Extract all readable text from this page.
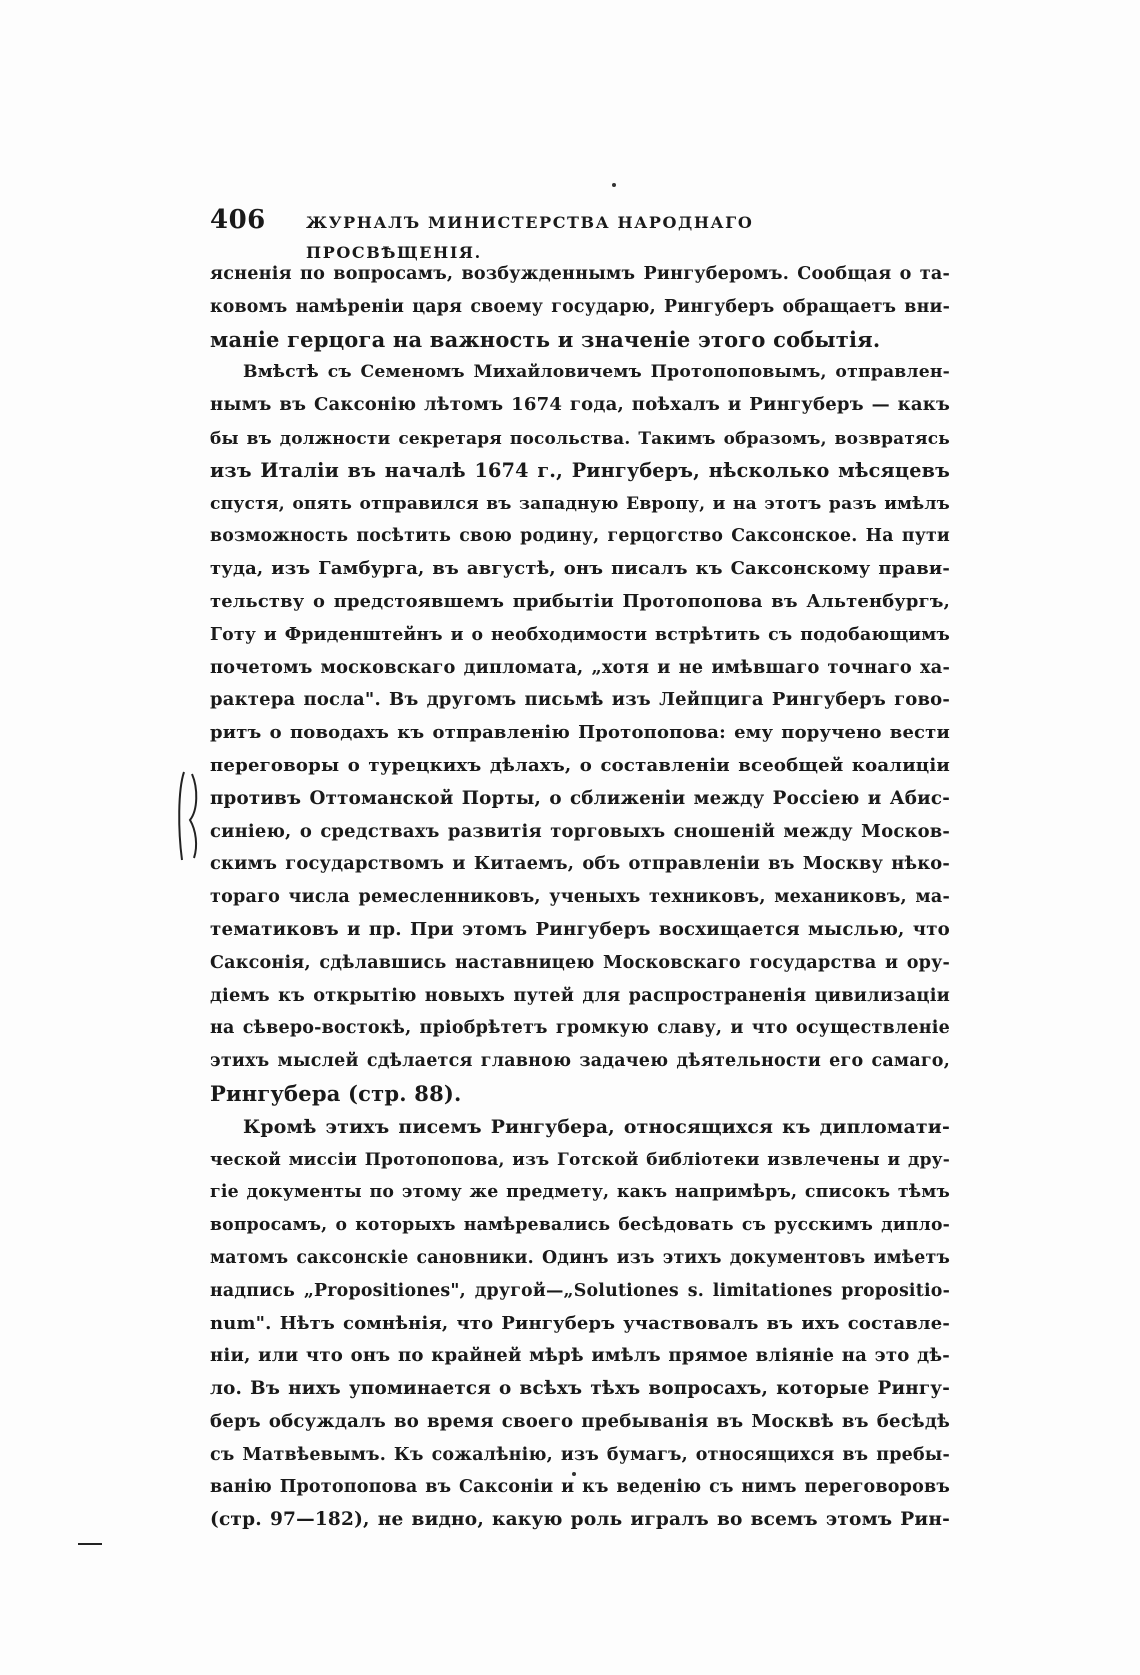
406	ЖУРНАЛЪ МИНИСТЕРСТВА НАРОДНАГО ПРОСВѢЩЕНІЯ.
ясненія по вопросамъ, возбужденнымъ Рингуберомъ. Сообщая о та-
ковомъ намѣреніи царя своему государю, Рингуберъ обращаетъ вни-
маніе герцога на важность и значеніе этого событія.
Вмѣстѣ съ Семеномъ Михайловичемъ Протопоповымъ, отправлен-
нымъ въ Саксонію лѣтомъ 1674 года, поѣхалъ и Рингуберъ — какъ
бы въ должности секретаря посольства. Такимъ образомъ, возвратясь
изъ Италіи въ началѣ 1674 г., Рингуберъ, нѣсколько мѣсяцевъ
спустя, опять отправился въ западную Европу, и на этотъ разъ имѣлъ
возможность посѣтить свою родину, герцогство Саксонское. На пути
туда, изъ Гамбурга, въ августѣ, онъ писалъ къ Саксонскому прави-
тельству о предстоявшемъ прибытіи Протопопова въ Альтенбургъ,
Готу и Фриденштейнъ и о необходимости встрѣтить съ подобающимъ
почетомъ московскаго дипломата, „хотя и не имѣвшаго точнаго ха-
рактера посла". Въ другомъ письмѣ изъ Лейпцига Рингуберъ гово-
ритъ о поводахъ къ отправленію Протопопова: ему поручено вести
переговоры о турецкихъ дѣлахъ, о составленіи всеобщей коалиціи
противъ Оттоманской Порты, о сближеніи между Россіею и Абис-
синіею, о средствахъ развитія торговыхъ сношеній между Москов-
скимъ государствомъ и Китаемъ, объ отправленіи въ Москву нѣко-
тораго числа ремесленниковъ, ученыхъ техниковъ, механиковъ, ма-
тематиковъ и пр. При этомъ Рингуберъ восхищается мыслью, что
Саксонія, сдѣлавшись наставницею Московскаго государства и ору-
діемъ къ открытію новыхъ путей для распространенія цивилизаціи
на сѣверо-востокѣ, пріобрѣтетъ громкую славу, и что осуществленіе
этихъ мыслей сдѣлается главною задачею дѣятельности его самаго,
Рингубера (стр. 88).
Кромѣ этихъ писемъ Рингубера, относящихся къ дипломати-
ческой миссіи Протопопова, изъ Готской библіотеки извлечены и дру-
гіе документы по этому же предмету, какъ напримѣръ, списокъ тѣмъ
вопросамъ, о которыхъ намѣревались бесѣдовать съ русскимъ дипло-
матомъ саксонскіе сановники. Одинъ изъ этихъ документовъ имѣетъ
надпись „Propositiones", другой—„Solutiones s. limitationes propositio-
num". Нѣтъ сомнѣнія, что Рингуберъ участвовалъ въ ихъ составле-
ніи, или что онъ по крайней мѣрѣ имѣлъ прямое вліяніе на это дѣ-
ло. Въ нихъ упоминается о всѣхъ тѣхъ вопросахъ, которые Рингу-
беръ обсуждалъ во время своего пребыванія въ Москвѣ въ бесѣдѣ
съ Матвѣевымъ. Къ сожалѣнію, изъ бумагъ, относящихся въ пребы-
ванію Протопопова въ Саксоніи и къ веденію съ нимъ переговоровъ
(стр. 97—182), не видно, какую роль игралъ во всемъ этомъ Рин-
